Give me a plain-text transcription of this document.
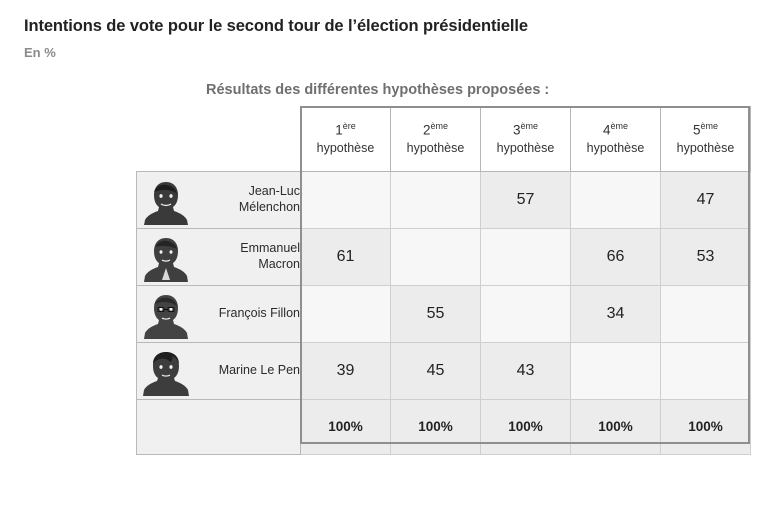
Intentions de vote pour le second tour de l’élection présidentielle
En %
Résultats des différentes hypothèses proposées :
	1ère
hypothèse	2ème
hypothèse	3ème
hypothèse	4ème
hypothèse	5ème
hypothèse

Jean-Luc
Mélenchon			57		47

Emmanuel
Macron	61			66	53

François Fillon		55		34	

Marine Le Pen	39	45	43		
	100%	100%	100%	100%	100%
